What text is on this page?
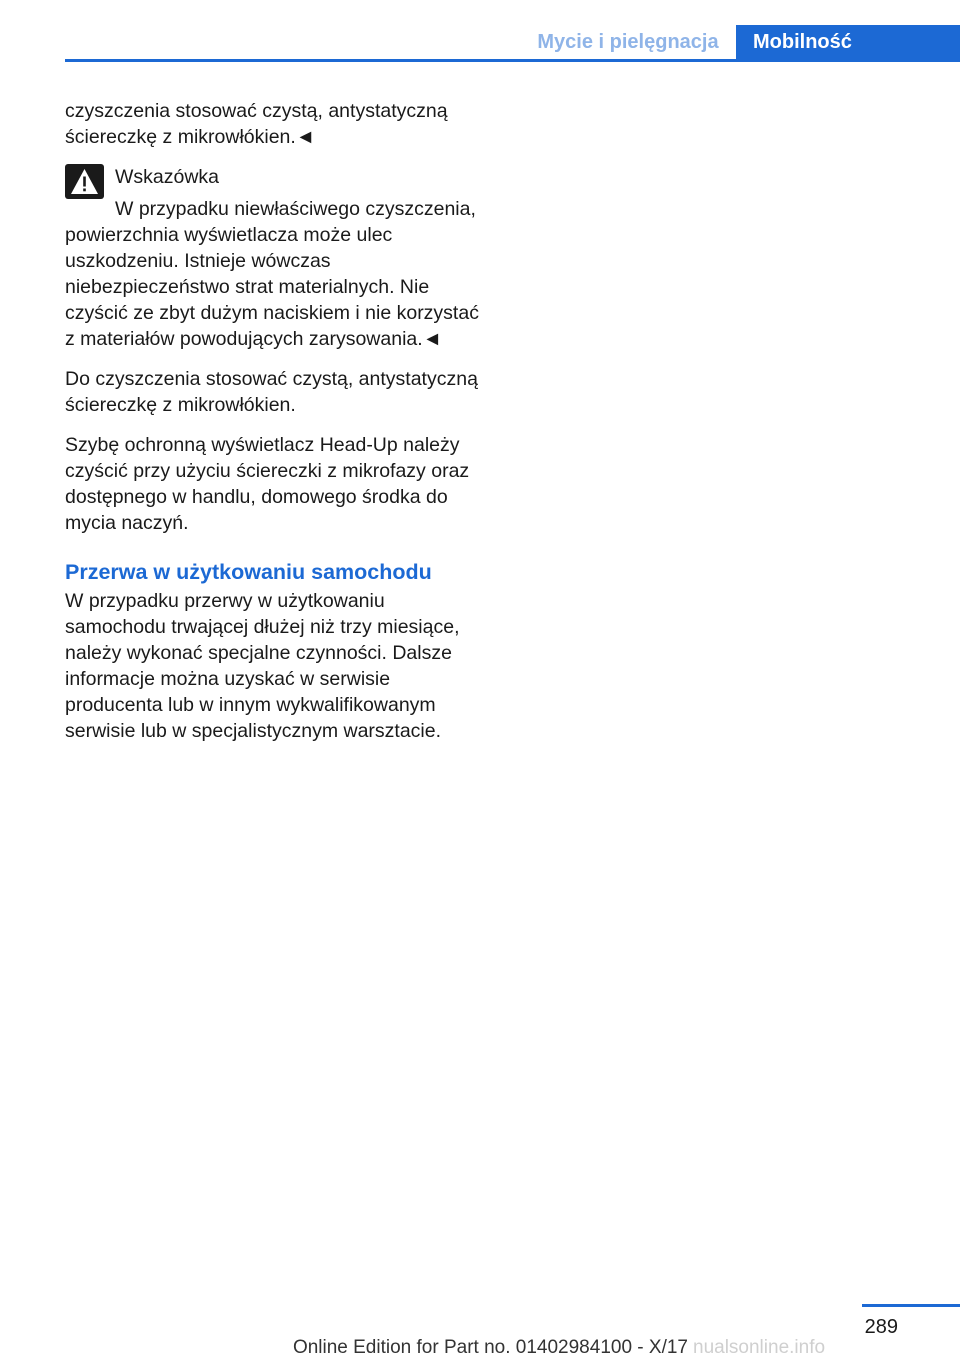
Mycie i pielęgnacja	Mobilność

czyszczenia stosować czystą, antystatyczną ściereczkę z mikrowłókien.◄

Wskazówka
W przypadku niewłaściwego czyszczenia, powierzchnia wyświetlacza może ulec uszkodzeniu. Istnieje wówczas niebezpieczeństwo strat materialnych. Nie czyścić ze zbyt dużym naciskiem i nie korzystać z materiałów powodujących zarysowania.◄

Do czyszczenia stosować czystą, antystatyczną ściereczkę z mikrowłókien.

Szybę ochronną wyświetlacz Head-Up należy czyścić przy użyciu ściereczki z mikrofazy oraz dostępnego w handlu, domowego środka do mycia naczyń.

Przerwa w użytkowaniu samochodu

W przypadku przerwy w użytkowaniu samochodu trwającej dłużej niż trzy miesiące, należy wykonać specjalne czynności. Dalsze informacje można uzyskać w serwisie producenta lub w innym wykwalifikowanym serwisie lub w specjalistycznym warsztacie.

289
Online Edition for Part no. 01402984100 - X/17 nualsonline.info
